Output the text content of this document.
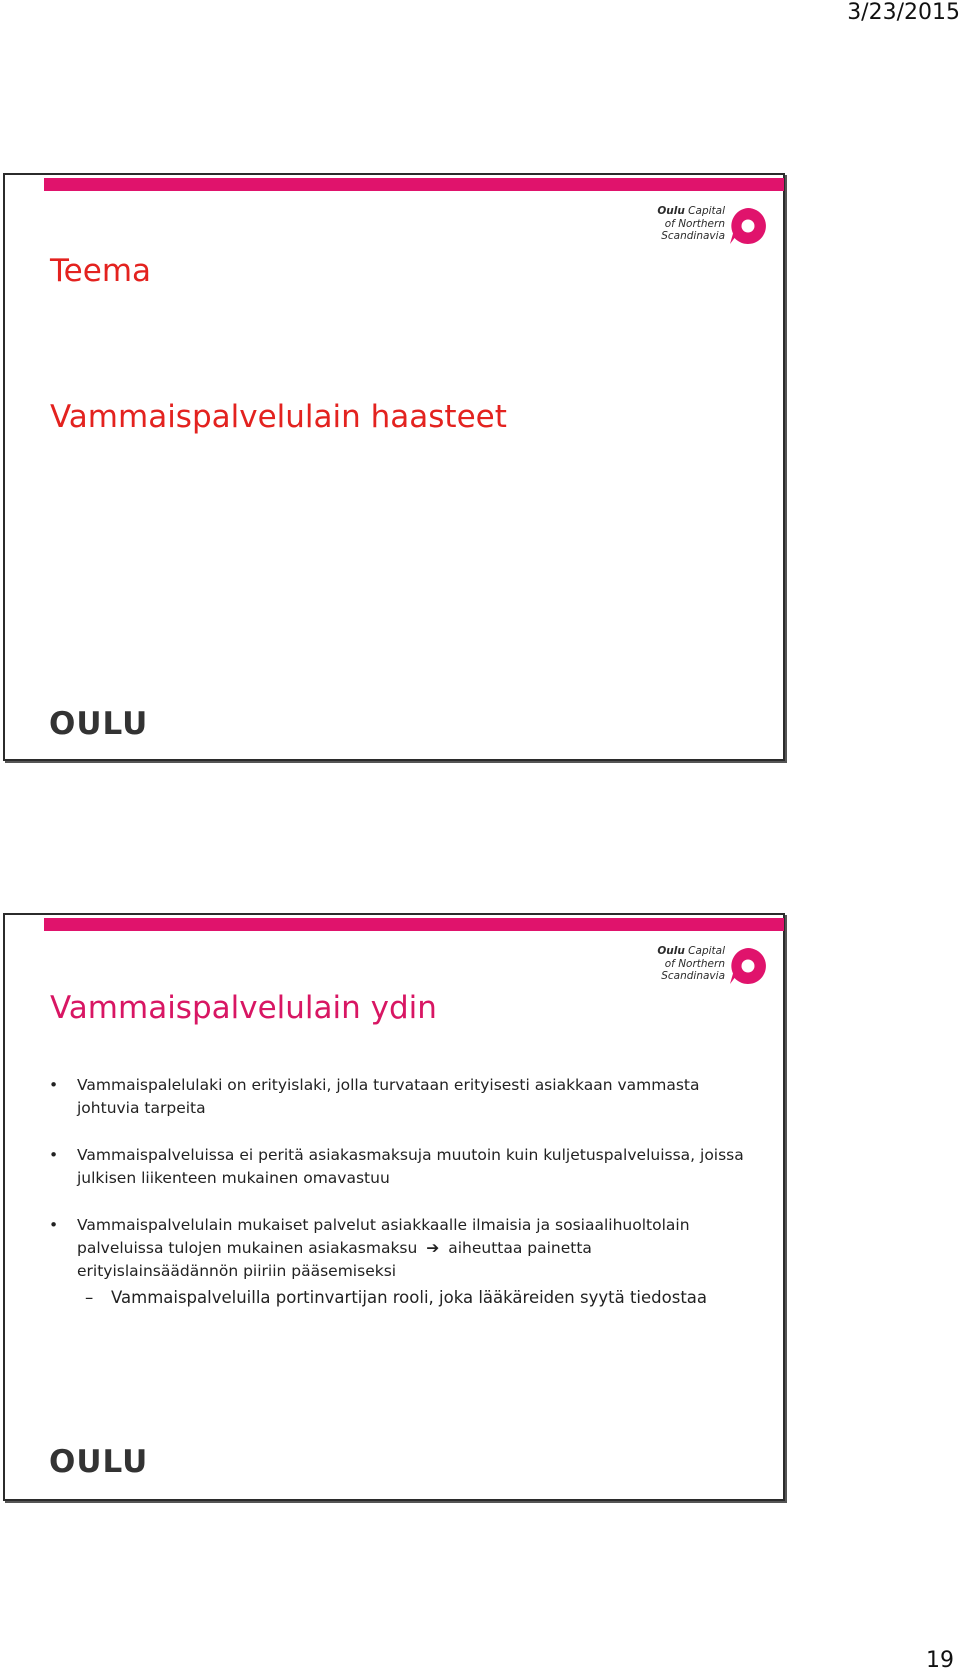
3/23/2015
Oulu Capital
of Northern
Scandinavia
Teema
Vammaispalvelulain haasteet
OULU
Oulu Capital
of Northern
Scandinavia
Vammaispalvelulain ydin
• Vammaispalelulaki on erityislaki, jolla turvataan erityisesti asiakkaan vammasta johtuvia tarpeita
• Vammaispalveluissa ei peritä asiakasmaksuja muutoin kuin kuljetuspalveluissa, joissa julkisen liikenteen mukainen omavastuu
• Vammaispalvelulain mukaiset palvelut asiakkaalle ilmaisia ja sosiaalihuoltolain palveluissa tulojen mukainen asiakasmaksu ➔ aiheuttaa painetta erityislainsäädännön piiriin pääsemiseksi
– Vammaispalveluilla portinvartijan rooli, joka lääkäreiden syytä tiedostaa
OULU
19
